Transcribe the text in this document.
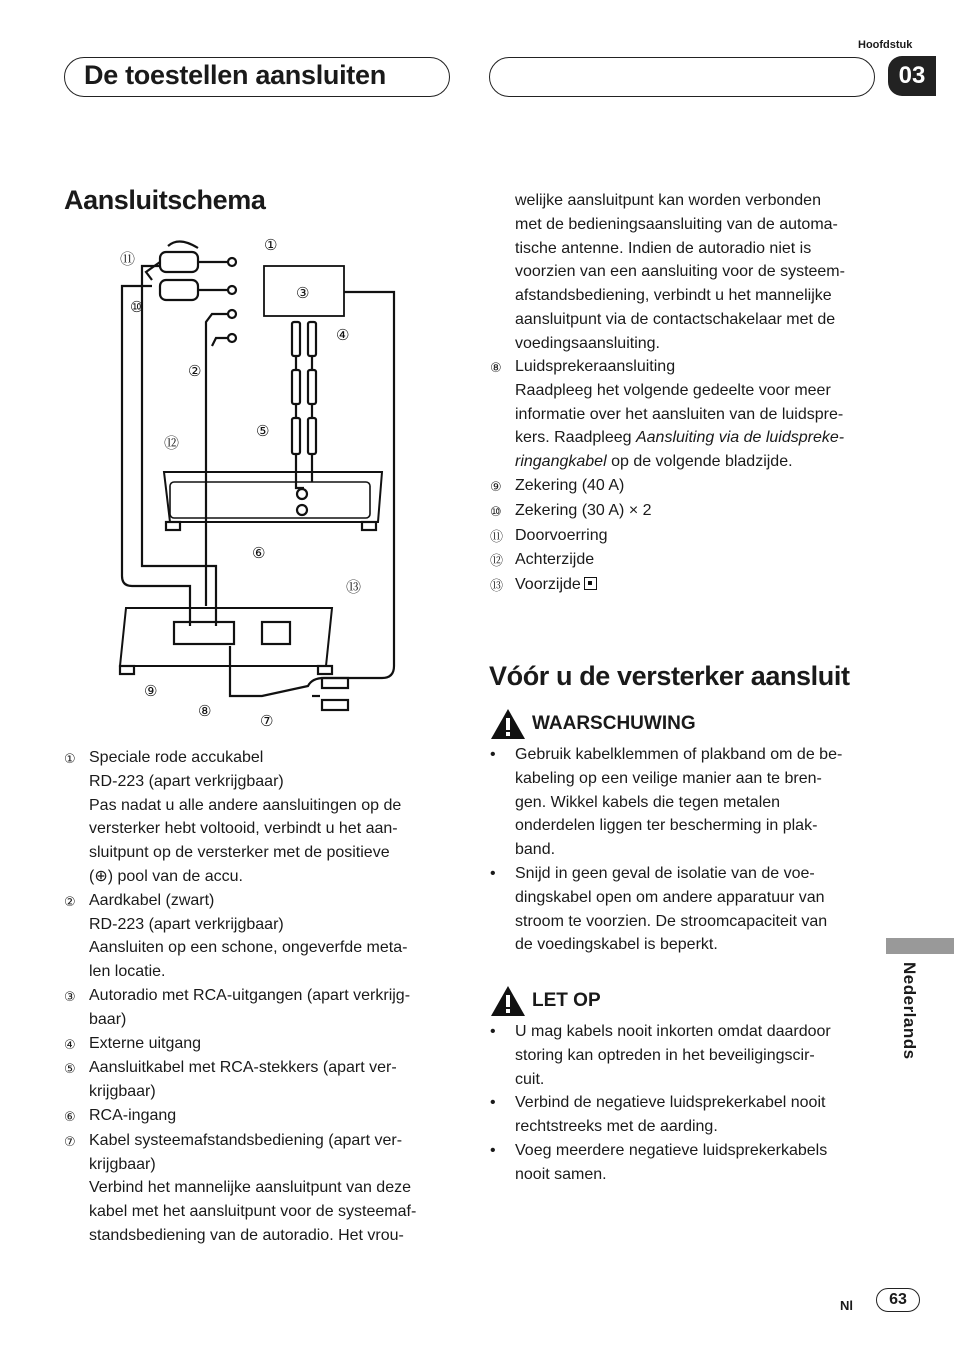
De toestellen aansluiten
Hoofdstuk
03
Aansluitschema
⑪
①
⑩
③
④
②
⑤
⑫
⑥
⑬
⑨
⑧
⑦
① Speciale rode accukabel
RD-223 (apart verkrijgbaar)
Pas nadat u alle andere aansluitingen op de
versterker hebt voltooid, verbindt u het aan-
sluitpunt op de versterker met de positieve
(⊕) pool van de accu.
② Aardkabel (zwart)
RD-223 (apart verkrijgbaar)
Aansluiten op een schone, ongeverfde meta-
len locatie.
③ Autoradio met RCA-uitgangen (apart verkrijg-
baar)
④ Externe uitgang
⑤ Aansluitkabel met RCA-stekkers (apart ver-
krijgbaar)
⑥ RCA-ingang
⑦ Kabel systeemafstandsbediening (apart ver-
krijgbaar)
Verbind het mannelijke aansluitpunt van deze
kabel met het aansluitpunt voor de systeemaf-
standsbediening van de autoradio. Het vrou-
welijke aansluitpunt kan worden verbonden
met de bedieningsaansluiting van de automa-
tische antenne. Indien de autoradio niet is
voorzien van een aansluiting voor de systeem-
afstandsbediening, verbindt u het mannelijke
aansluitpunt via de contactschakelaar met de
voedingsaansluiting.
⑧ Luidsprekeraansluiting
Raadpleeg het volgende gedeelte voor meer
informatie over het aansluiten van de luidspre-
kers. Raadpleeg Aansluiting via de luidspreke-
ringangkabel op de volgende bladzijde.
⑨ Zekering (40 A)
⑩ Zekering (30 A) × 2
⑪ Doorvoerring
⑫ Achterzijde
⑬ Voorzijde
Vóór u de versterker aansluit
WAARSCHUWING
•	Gebruik kabelklemmen of plakband om de be-
kabeling op een veilige manier aan te bren-
gen. Wikkel kabels die tegen metalen
onderdelen liggen ter bescherming in plak-
band.
•	Snijd in geen geval de isolatie van de voe-
dingskabel open om andere apparatuur van
stroom te voorzien. De stroomcapaciteit van
de voedingskabel is beperkt.
LET OP
•	U mag kabels nooit inkorten omdat daardoor
storing kan optreden in het beveiligingscir-
cuit.
•	Verbind de negatieve luidsprekerkabel nooit
rechtstreeks met de aarding.
•	Voeg meerdere negatieve luidsprekerkabels
nooit samen.
Nederlands
Nl	63
